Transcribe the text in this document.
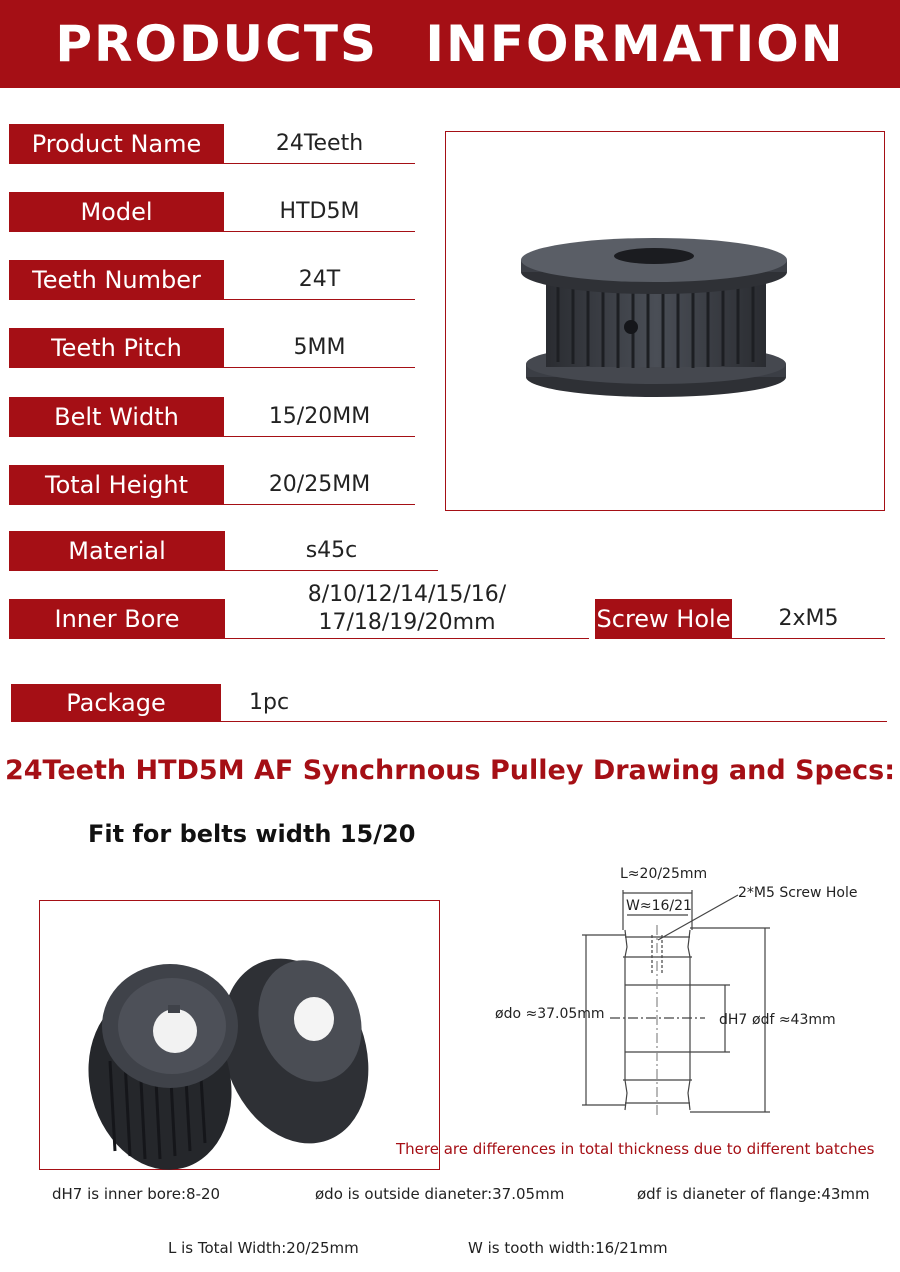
PRODUCTS INFORMATION
Product Name	24Teeth
Model	HTD5M
Teeth Number	24T
Teeth Pitch	5MM
Belt Width	15/20MM
Total Height	20/25MM
Material	s45c
Inner Bore
8/10/12/14/15/16/
17/18/19/20mm	Screw Hole	2xM5
Package	1pc
24Teeth HTD5M AF Synchrnous Pulley Drawing and Specs:
Fit for belts width 15/20
L≈20/25mm
W≈16/21
2*M5 Screw Hole
ødo ≈37.05mm	dH7 ødf ≈43mm
There are differences in total thickness due to different batches
dH7 is inner bore:8-20	ødo is outside dianeter:37.05mm	ødf is dianeter of flange:43mm
L is Total Width:20/25mm	W is tooth width:16/21mm
